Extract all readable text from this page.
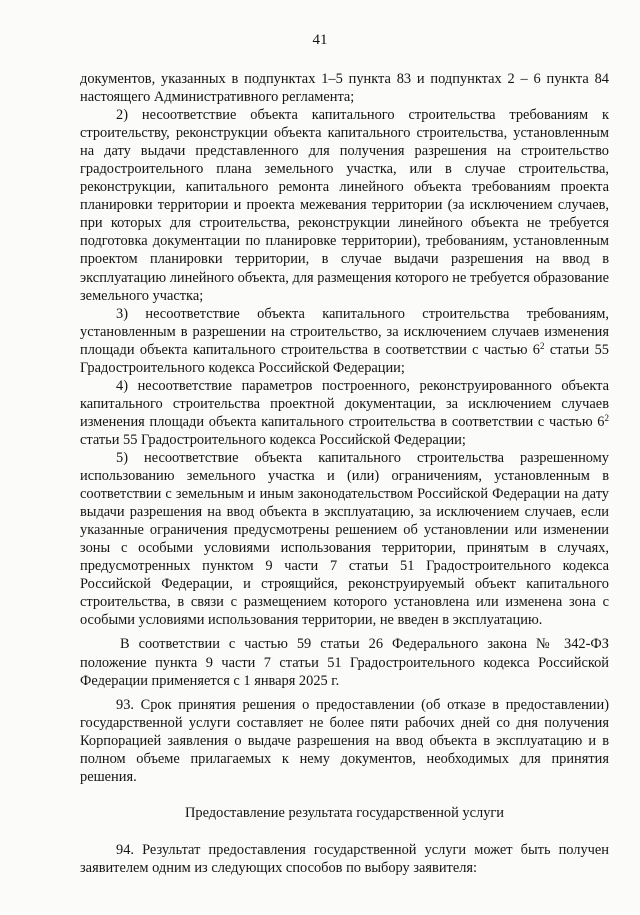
41

документов, указанных в подпунктах 1–5 пункта 83 и подпунктах 2 – 6 пункта 84 настоящего Административного регламента;

2) несоответствие объекта капитального строительства требованиям к строительству, реконструкции объекта капитального строительства, установленным на дату выдачи представленного для получения разрешения на строительство градостроительного плана земельного участка, или в случае строительства, реконструкции, капитального ремонта линейного объекта требованиям проекта планировки территории и проекта межевания территории (за исключением случаев, при которых для строительства, реконструкции линейного объекта не требуется подготовка документации по планировке территории), требованиям, установленным проектом планировки территории, в случае выдачи разрешения на ввод в эксплуатацию линейного объекта, для размещения которого не требуется образование земельного участка;

3) несоответствие объекта капитального строительства требованиям, установленным в разрешении на строительство, за исключением случаев изменения площади объекта капитального строительства в соответствии с частью $6^2$ статьи 55 Градостроительного кодекса Российской Федерации;

4) несоответствие параметров построенного, реконструированного объекта капитального строительства проектной документации, за исключением случаев изменения площади объекта капитального строительства в соответствии с частью $6^2$ статьи 55 Градостроительного кодекса Российской Федерации;

5) несоответствие объекта капитального строительства разрешенному использованию земельного участка и (или) ограничениям, установленным в соответствии с земельным и иным законодательством Российской Федерации на дату выдачи разрешения на ввод объекта в эксплуатацию, за исключением случаев, если указанные ограничения предусмотрены решением об установлении или изменении зоны с особыми условиями использования территории, принятым в случаях, предусмотренных пунктом 9 части 7 статьи 51 Градостроительного кодекса Российской Федерации, и строящийся, реконструируемый объект капитального строительства, в связи с размещением которого установлена или изменена зона с особыми условиями использования территории, не введен в эксплуатацию.

В соответствии с частью 59 статьи 26 Федерального закона № 342-ФЗ положение пункта 9 части 7 статьи 51 Градостроительного кодекса Российской Федерации применяется с 1 января 2025 г.

93. Срок принятия решения о предоставлении (об отказе в предоставлении) государственной услуги составляет не более пяти рабочих дней со дня получения Корпорацией заявления о выдаче разрешения на ввод объекта в эксплуатацию и в полном объеме прилагаемых к нему документов, необходимых для принятия решения.

Предоставление результата государственной услуги

94. Результат предоставления государственной услуги может быть получен заявителем одним из следующих способов по выбору заявителя:
